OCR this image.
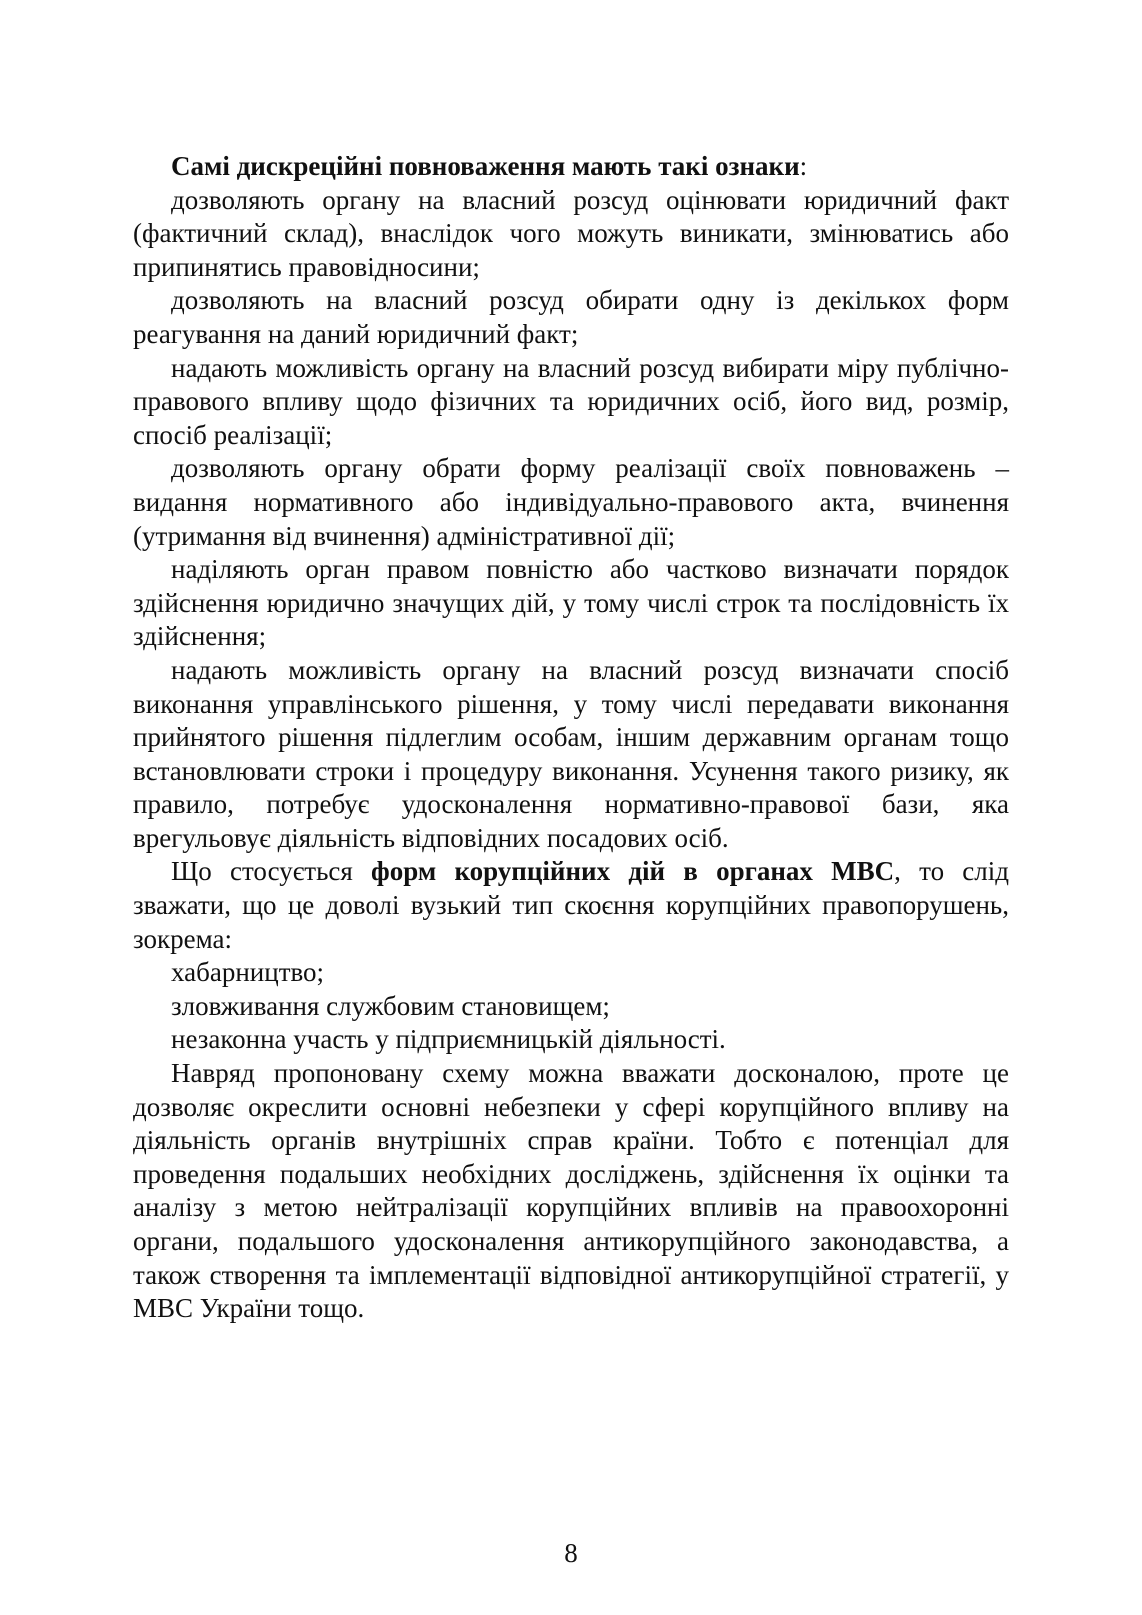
Самі дискреційні повноваження мають такі ознаки:

дозволяють органу на власний розсуд оцінювати юридичний факт (фактичний склад), внаслідок чого можуть виникати, змінюватись або припинятись правовідносини;

дозволяють на власний розсуд обирати одну із декількох форм реагування на даний юридичний факт;

надають можливість органу на власний розсуд вибирати міру публічно-правового впливу щодо фізичних та юридичних осіб, його вид, розмір, спосіб реалізації;

дозволяють органу обрати форму реалізації своїх повноважень – видання нормативного або індивідуально-правового акта, вчинення (утримання від вчинення) адміністративної дії;

наділяють орган правом повністю або частково визначати порядок здійснення юридично значущих дій, у тому числі строк та послідовність їх здійснення;

надають можливість органу на власний розсуд визначати спосіб виконання управлінського рішення, у тому числі передавати виконання прийнятого рішення підлеглим особам, іншим державним органам тощо встановлювати строки і процедуру виконання. Усунення такого ризику, як правило, потребує удосконалення нормативно-правової бази, яка врегульовує діяльність відповідних посадових осіб.

Що стосується форм корупційних дій в органах МВС, то слід зважати, що це доволі вузький тип скоєння корупційних правопорушень, зокрема:

хабарництво;

зловживання службовим становищем;

незаконна участь у підприємницькій діяльності.

Навряд пропоновану схему можна вважати досконалою, проте це дозволяє окреслити основні небезпеки у сфері корупційного впливу на діяльність органів внутрішніх справ країни. Тобто є потенціал для проведення подальших необхідних досліджень, здійснення їх оцінки та аналізу з метою нейтралізації корупційних впливів на правоохоронні органи, подальшого удосконалення антикорупційного законодавства, а також створення та імплементації відповідної антикорупційної стратегії, у МВС України тощо.

8
